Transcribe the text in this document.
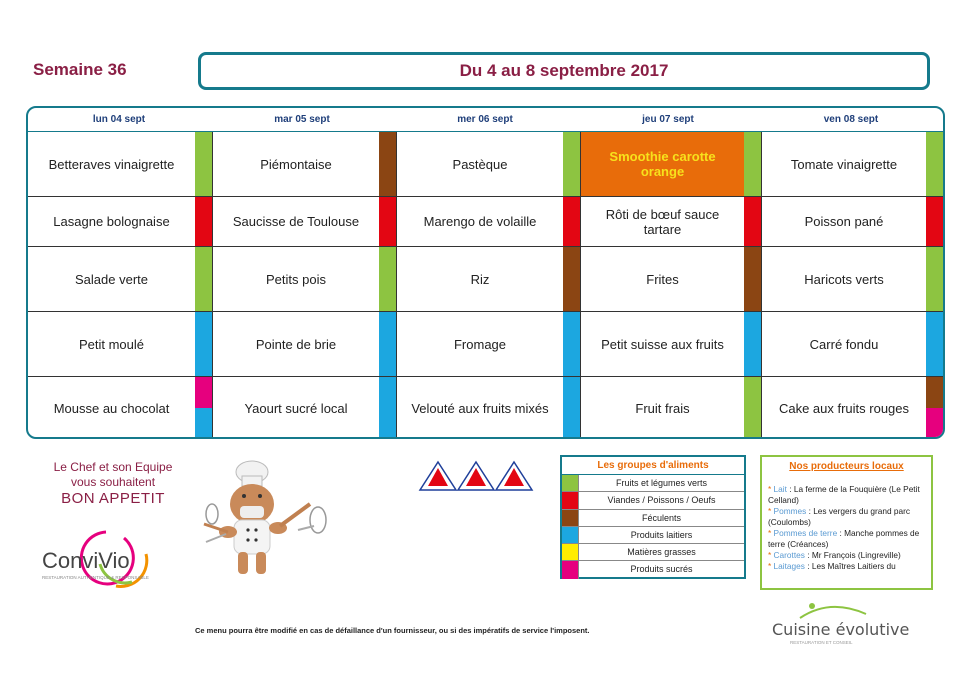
Semaine 36	Du 4 au 8 septembre 2017
lun 04 sept	mar 05 sept	mer 06 sept	jeu 07 sept	ven 08 sept
Betteraves vinaigrette	Piémontaise	Pastèque	Smoothie carotte orange	Tomate vinaigrette
Lasagne bolognaise	Saucisse de Toulouse	Marengo de volaille	Rôti de bœuf sauce tartare	Poisson pané
Salade verte	Petits pois	Riz	Frites	Haricots verts
Petit moulé	Pointe de brie	Fromage	Petit suisse aux fruits	Carré fondu
Mousse au chocolat	Yaourt sucré local	Velouté aux fruits mixés	Fruit frais	Cake aux fruits rouges
Le Chef et son Equipe
vous souhaitent
BON APPETIT
ConviVio
RESTAURATION AUTHENTIQUE & RESPONSABLE
Les groupes d'aliments
Fruits et légumes verts
Viandes / Poissons / Oeufs
Féculents
Produits laitiers
Matières grasses
Produits sucrés
Nos producteurs locaux
* Lait : La ferme de la Fouquière (Le Petit Celland)
* Pommes : Les vergers du grand parc (Coulombs)
* Pommes de terre : Manche pommes de terre (Créances)
* Carottes : Mr François (Lingreville)
* Laitages : Les Maîtres Laitiers du
Ce menu pourra être modifié en cas de défaillance d'un fournisseur, ou si des impératifs de service l'imposent.	Cuisine évolutive
RESTAURATION ET CONSEIL
